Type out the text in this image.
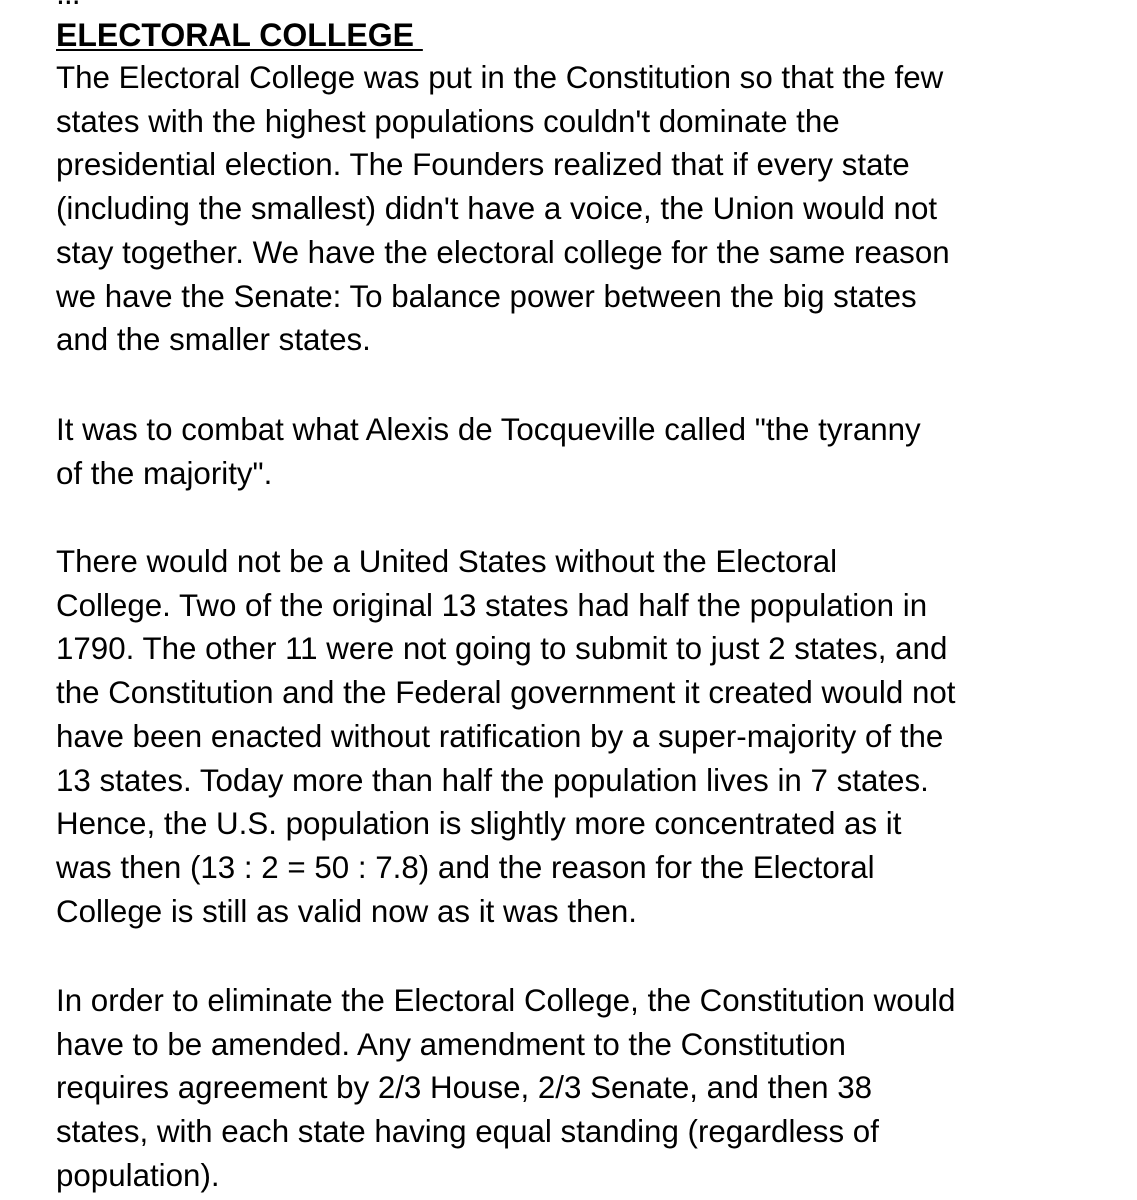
ELECTORAL COLLEGE

The Electoral College was put in the Constitution so that the few
states with the highest populations couldn't dominate the
presidential election. The Founders realized that if every state
(including the smallest) didn't have a voice, the Union would not
stay together. We have the electoral college for the same reason
we have the Senate: To balance power between the big states
and the smaller states.

It was to combat what Alexis de Tocqueville called "the tyranny
of the majority".

There would not be a United States without the Electoral
College. Two of the original 13 states had half the population in
1790. The other 11 were not going to submit to just 2 states, and
the Constitution and the Federal government it created would not
have been enacted without ratification by a super-majority of the
13 states. Today more than half the population lives in 7 states.
Hence, the U.S. population is slightly more concentrated as it
was then (13 : 2 = 50 : 7.8) and the reason for the Electoral
College is still as valid now as it was then.

In order to eliminate the Electoral College, the Constitution would
have to be amended. Any amendment to the Constitution
requires agreement by 2/3 House, 2/3 Senate, and then 38
states, with each state having equal standing (regardless of
population).
